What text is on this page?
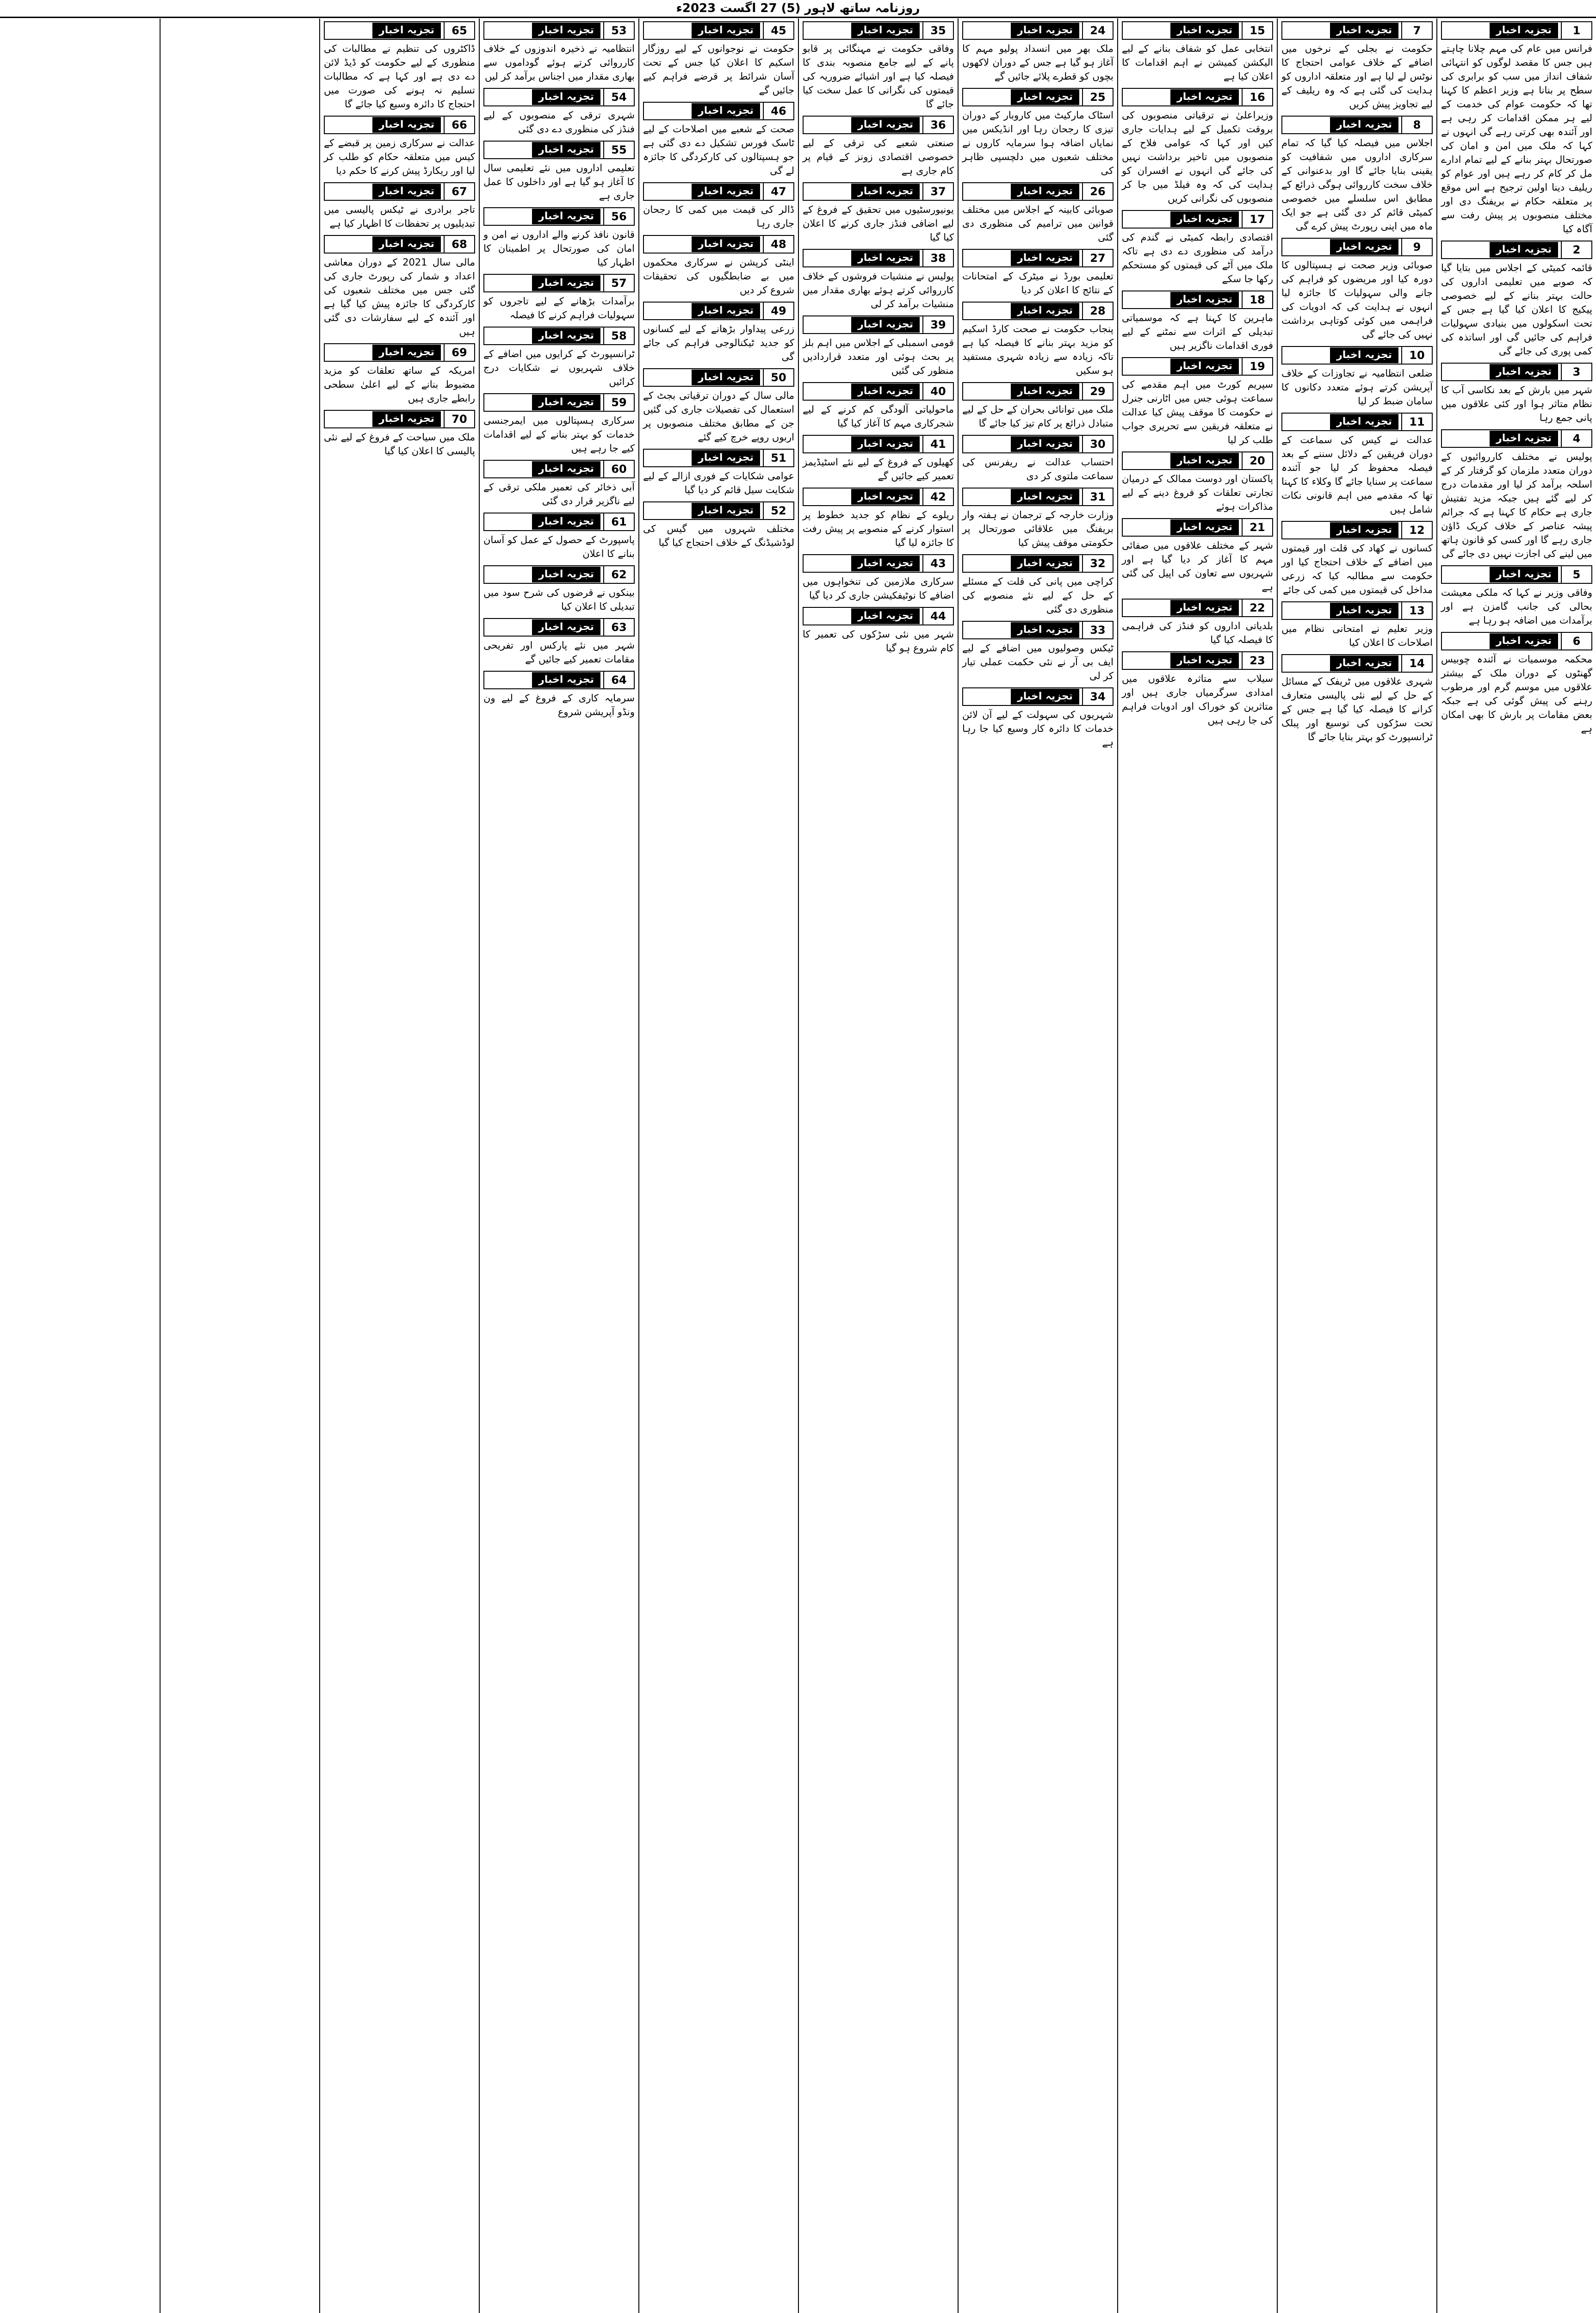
روزنامہ ساتھ لاہور (5) 27 اگست 2023ء
1
تجزیہ اخبار

فرانس میں عام کی مہم چلانا چاہتے ہیں جس کا مقصد لوگوں کو انتہائی شفاف انداز میں سب کو برابری کی سطح پر بنانا ہے وزیر اعظم کا کہنا تھا کہ حکومت عوام کی خدمت کے لیے ہر ممکن اقدامات کر رہی ہے اور آئندہ بھی کرتی رہے گی انہوں نے کہا کہ ملک میں امن و امان کی صورتحال بہتر بنانے کے لیے تمام ادارے مل کر کام کر رہے ہیں اور عوام کو ریلیف دینا اولین ترجیح ہے اس موقع پر متعلقہ حکام نے بریفنگ دی اور مختلف منصوبوں پر پیش رفت سے آگاہ کیا

2
تجزیہ اخبار

قائمہ کمیٹی کے اجلاس میں بتایا گیا کہ صوبے میں تعلیمی اداروں کی حالت بہتر بنانے کے لیے خصوصی پیکیج کا اعلان کیا گیا ہے جس کے تحت اسکولوں میں بنیادی سہولیات فراہم کی جائیں گی اور اساتذہ کی کمی پوری کی جائے گی

3
تجزیہ اخبار

شہر میں بارش کے بعد نکاسی آب کا نظام متاثر ہوا اور کئی علاقوں میں پانی جمع رہا

4
تجزیہ اخبار

پولیس نے مختلف کارروائیوں کے دوران متعدد ملزمان کو گرفتار کر کے اسلحہ برآمد کر لیا اور مقدمات درج کر لیے گئے ہیں جبکہ مزید تفتیش جاری ہے حکام کا کہنا ہے کہ جرائم پیشہ عناصر کے خلاف کریک ڈاؤن جاری رہے گا اور کسی کو قانون ہاتھ میں لینے کی اجازت نہیں دی جائے گی

5
تجزیہ اخبار

وفاقی وزیر نے کہا کہ ملکی معیشت بحالی کی جانب گامزن ہے اور برآمدات میں اضافہ ہو رہا ہے

6
تجزیہ اخبار

محکمہ موسمیات نے آئندہ چوبیس گھنٹوں کے دوران ملک کے بیشتر علاقوں میں موسم گرم اور مرطوب رہنے کی پیش گوئی کی ہے جبکہ بعض مقامات پر بارش کا بھی امکان ہے

7
تجزیہ اخبار

حکومت نے بجلی کے نرخوں میں اضافے کے خلاف عوامی احتجاج کا نوٹس لے لیا ہے اور متعلقہ اداروں کو ہدایت کی گئی ہے کہ وہ ریلیف کے لیے تجاویز پیش کریں

8
تجزیہ اخبار

اجلاس میں فیصلہ کیا گیا کہ تمام سرکاری اداروں میں شفافیت کو یقینی بنایا جائے گا اور بدعنوانی کے خلاف سخت کارروائی ہوگی ذرائع کے مطابق اس سلسلے میں خصوصی کمیٹی قائم کر دی گئی ہے جو ایک ماہ میں اپنی رپورٹ پیش کرے گی

9
تجزیہ اخبار

صوبائی وزیر صحت نے ہسپتالوں کا دورہ کیا اور مریضوں کو فراہم کی جانے والی سہولیات کا جائزہ لیا انہوں نے ہدایت کی کہ ادویات کی فراہمی میں کوئی کوتاہی برداشت نہیں کی جائے گی

10
تجزیہ اخبار

ضلعی انتظامیہ نے تجاوزات کے خلاف آپریشن کرتے ہوئے متعدد دکانوں کا سامان ضبط کر لیا

11
تجزیہ اخبار

عدالت نے کیس کی سماعت کے دوران فریقین کے دلائل سننے کے بعد فیصلہ محفوظ کر لیا جو آئندہ سماعت پر سنایا جائے گا وکلاء کا کہنا تھا کہ مقدمے میں اہم قانونی نکات شامل ہیں

12
تجزیہ اخبار

کسانوں نے کھاد کی قلت اور قیمتوں میں اضافے کے خلاف احتجاج کیا اور حکومت سے مطالبہ کیا کہ زرعی مداخل کی قیمتوں میں کمی کی جائے

13
تجزیہ اخبار

وزیر تعلیم نے امتحانی نظام میں اصلاحات کا اعلان کیا

14
تجزیہ اخبار

شہری علاقوں میں ٹریفک کے مسائل کے حل کے لیے نئی پالیسی متعارف کرانے کا فیصلہ کیا گیا ہے جس کے تحت سڑکوں کی توسیع اور پبلک ٹرانسپورٹ کو بہتر بنایا جائے گا

15
تجزیہ اخبار

انتخابی عمل کو شفاف بنانے کے لیے الیکشن کمیشن نے اہم اقدامات کا اعلان کیا ہے

16
تجزیہ اخبار

وزیراعلیٰ نے ترقیاتی منصوبوں کی بروقت تکمیل کے لیے ہدایات جاری کیں اور کہا کہ عوامی فلاح کے منصوبوں میں تاخیر برداشت نہیں کی جائے گی انہوں نے افسران کو ہدایت کی کہ وہ فیلڈ میں جا کر منصوبوں کی نگرانی کریں

17
تجزیہ اخبار

اقتصادی رابطہ کمیٹی نے گندم کی درآمد کی منظوری دے دی ہے تاکہ ملک میں آٹے کی قیمتوں کو مستحکم رکھا جا سکے

18
تجزیہ اخبار

ماہرین کا کہنا ہے کہ موسمیاتی تبدیلی کے اثرات سے نمٹنے کے لیے فوری اقدامات ناگزیر ہیں

19
تجزیہ اخبار

سپریم کورٹ میں اہم مقدمے کی سماعت ہوئی جس میں اٹارنی جنرل نے حکومت کا موقف پیش کیا عدالت نے متعلقہ فریقین سے تحریری جواب طلب کر لیا

20
تجزیہ اخبار

پاکستان اور دوست ممالک کے درمیان تجارتی تعلقات کو فروغ دینے کے لیے مذاکرات ہوئے

21
تجزیہ اخبار

شہر کے مختلف علاقوں میں صفائی مہم کا آغاز کر دیا گیا ہے اور شہریوں سے تعاون کی اپیل کی گئی ہے

22
تجزیہ اخبار

بلدیاتی اداروں کو فنڈز کی فراہمی کا فیصلہ کیا گیا

23
تجزیہ اخبار

سیلاب سے متاثرہ علاقوں میں امدادی سرگرمیاں جاری ہیں اور متاثرین کو خوراک اور ادویات فراہم کی جا رہی ہیں

24
تجزیہ اخبار

ملک بھر میں انسداد پولیو مہم کا آغاز ہو گیا ہے جس کے دوران لاکھوں بچوں کو قطرے پلائے جائیں گے

25
تجزیہ اخبار

اسٹاک مارکیٹ میں کاروبار کے دوران تیزی کا رجحان رہا اور انڈیکس میں نمایاں اضافہ ہوا سرمایہ کاروں نے مختلف شعبوں میں دلچسپی ظاہر کی

26
تجزیہ اخبار

صوبائی کابینہ کے اجلاس میں مختلف قوانین میں ترامیم کی منظوری دی گئی

27
تجزیہ اخبار

تعلیمی بورڈ نے میٹرک کے امتحانات کے نتائج کا اعلان کر دیا

28
تجزیہ اخبار

پنجاب حکومت نے صحت کارڈ اسکیم کو مزید بہتر بنانے کا فیصلہ کیا ہے تاکہ زیادہ سے زیادہ شہری مستفید ہو سکیں

29
تجزیہ اخبار

ملک میں توانائی بحران کے حل کے لیے متبادل ذرائع پر کام تیز کیا جائے گا

30
تجزیہ اخبار

احتساب عدالت نے ریفرنس کی سماعت ملتوی کر دی

31
تجزیہ اخبار

وزارت خارجہ کے ترجمان نے ہفتہ وار بریفنگ میں علاقائی صورتحال پر حکومتی موقف پیش کیا

32
تجزیہ اخبار

کراچی میں پانی کی قلت کے مسئلے کے حل کے لیے نئے منصوبے کی منظوری دی گئی

33
تجزیہ اخبار

ٹیکس وصولیوں میں اضافے کے لیے ایف بی آر نے نئی حکمت عملی تیار کر لی

34
تجزیہ اخبار

شہریوں کی سہولت کے لیے آن لائن خدمات کا دائرہ کار وسیع کیا جا رہا ہے

35
تجزیہ اخبار

وفاقی حکومت نے مہنگائی پر قابو پانے کے لیے جامع منصوبہ بندی کا فیصلہ کیا ہے اور اشیائے ضروریہ کی قیمتوں کی نگرانی کا عمل سخت کیا جائے گا

36
تجزیہ اخبار

صنعتی شعبے کی ترقی کے لیے خصوصی اقتصادی زونز کے قیام پر کام جاری ہے

37
تجزیہ اخبار

یونیورسٹیوں میں تحقیق کے فروغ کے لیے اضافی فنڈز جاری کرنے کا اعلان کیا گیا

38
تجزیہ اخبار

پولیس نے منشیات فروشوں کے خلاف کارروائی کرتے ہوئے بھاری مقدار میں منشیات برآمد کر لی

39
تجزیہ اخبار

قومی اسمبلی کے اجلاس میں اہم بلز پر بحث ہوئی اور متعدد قراردادیں منظور کی گئیں

40
تجزیہ اخبار

ماحولیاتی آلودگی کم کرنے کے لیے شجرکاری مہم کا آغاز کیا گیا

41
تجزیہ اخبار

کھیلوں کے فروغ کے لیے نئے اسٹیڈیمز تعمیر کیے جائیں گے

42
تجزیہ اخبار

ریلوے کے نظام کو جدید خطوط پر استوار کرنے کے منصوبے پر پیش رفت کا جائزہ لیا گیا

43
تجزیہ اخبار

سرکاری ملازمین کی تنخواہوں میں اضافے کا نوٹیفکیشن جاری کر دیا گیا

44
تجزیہ اخبار

شہر میں نئی سڑکوں کی تعمیر کا کام شروع ہو گیا

45
تجزیہ اخبار

حکومت نے نوجوانوں کے لیے روزگار اسکیم کا اعلان کیا جس کے تحت آسان شرائط پر قرضے فراہم کیے جائیں گے

46
تجزیہ اخبار

صحت کے شعبے میں اصلاحات کے لیے ٹاسک فورس تشکیل دے دی گئی ہے جو ہسپتالوں کی کارکردگی کا جائزہ لے گی

47
تجزیہ اخبار

ڈالر کی قیمت میں کمی کا رجحان جاری رہا

48
تجزیہ اخبار

اینٹی کرپشن نے سرکاری محکموں میں بے ضابطگیوں کی تحقیقات شروع کر دیں

49
تجزیہ اخبار

زرعی پیداوار بڑھانے کے لیے کسانوں کو جدید ٹیکنالوجی فراہم کی جائے گی

50
تجزیہ اخبار

مالی سال کے دوران ترقیاتی بجٹ کے استعمال کی تفصیلات جاری کی گئیں جن کے مطابق مختلف منصوبوں پر اربوں روپے خرچ کیے گئے

51
تجزیہ اخبار

عوامی شکایات کے فوری ازالے کے لیے شکایت سیل قائم کر دیا گیا

52
تجزیہ اخبار

مختلف شہروں میں گیس کی لوڈشیڈنگ کے خلاف احتجاج کیا گیا

53
تجزیہ اخبار

انتظامیہ نے ذخیرہ اندوزوں کے خلاف کارروائی کرتے ہوئے گوداموں سے بھاری مقدار میں اجناس برآمد کر لیں

54
تجزیہ اخبار

شہری ترقی کے منصوبوں کے لیے فنڈز کی منظوری دے دی گئی

55
تجزیہ اخبار

تعلیمی اداروں میں نئے تعلیمی سال کا آغاز ہو گیا ہے اور داخلوں کا عمل جاری ہے

56
تجزیہ اخبار

قانون نافذ کرنے والے اداروں نے امن و امان کی صورتحال پر اطمینان کا اظہار کیا

57
تجزیہ اخبار

برآمدات بڑھانے کے لیے تاجروں کو سہولیات فراہم کرنے کا فیصلہ

58
تجزیہ اخبار

ٹرانسپورٹ کے کرایوں میں اضافے کے خلاف شہریوں نے شکایات درج کرائیں

59
تجزیہ اخبار

سرکاری ہسپتالوں میں ایمرجنسی خدمات کو بہتر بنانے کے لیے اقدامات کیے جا رہے ہیں

60
تجزیہ اخبار

آبی ذخائر کی تعمیر ملکی ترقی کے لیے ناگزیر قرار دی گئی

61
تجزیہ اخبار

پاسپورٹ کے حصول کے عمل کو آسان بنانے کا اعلان

62
تجزیہ اخبار

بینکوں نے قرضوں کی شرح سود میں تبدیلی کا اعلان کیا

63
تجزیہ اخبار

شہر میں نئے پارکس اور تفریحی مقامات تعمیر کیے جائیں گے

64
تجزیہ اخبار

سرمایہ کاری کے فروغ کے لیے ون ونڈو آپریشن شروع

65
تجزیہ اخبار

ڈاکٹروں کی تنظیم نے مطالبات کی منظوری کے لیے حکومت کو ڈیڈ لائن دے دی ہے اور کہا ہے کہ مطالبات تسلیم نہ ہونے کی صورت میں احتجاج کا دائرہ وسیع کیا جائے گا

66
تجزیہ اخبار

عدالت نے سرکاری زمین پر قبضے کے کیس میں متعلقہ حکام کو طلب کر لیا اور ریکارڈ پیش کرنے کا حکم دیا

67
تجزیہ اخبار

تاجر برادری نے ٹیکس پالیسی میں تبدیلیوں پر تحفظات کا اظہار کیا ہے

68
تجزیہ اخبار

مالی سال 2021 کے دوران معاشی اعداد و شمار کی رپورٹ جاری کی گئی جس میں مختلف شعبوں کی کارکردگی کا جائزہ پیش کیا گیا ہے اور آئندہ کے لیے سفارشات دی گئی ہیں

69
تجزیہ اخبار

امریکہ کے ساتھ تعلقات کو مزید مضبوط بنانے کے لیے اعلیٰ سطحی رابطے جاری ہیں

70
تجزیہ اخبار

ملک میں سیاحت کے فروغ کے لیے نئی پالیسی کا اعلان کیا گیا
